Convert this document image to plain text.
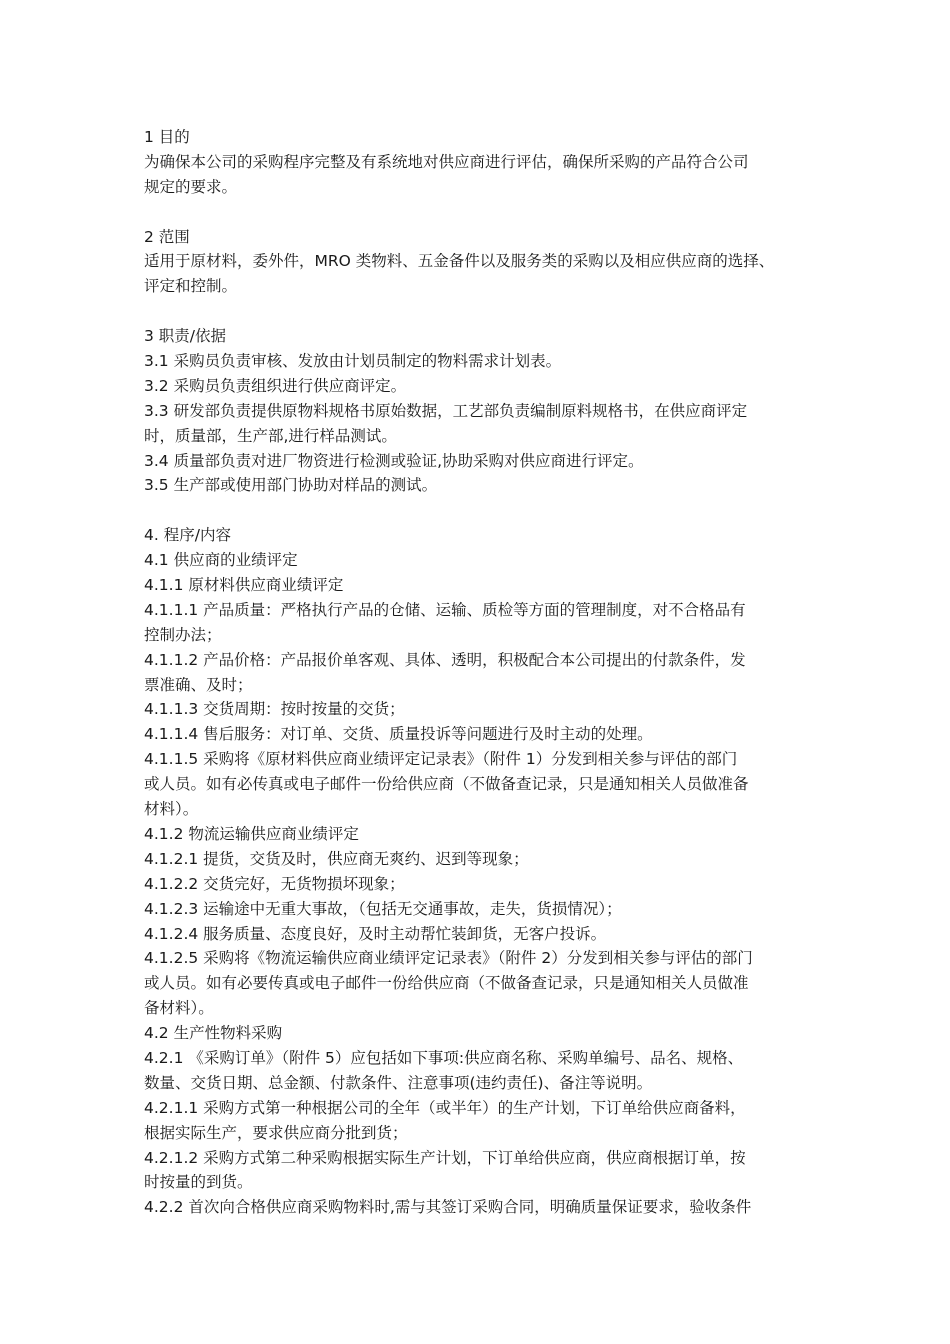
1 目的
为确保本公司的采购程序完整及有系统地对供应商进行评估，确保所采购的产品符合公司
规定的要求。
2 范围
适用于原材料，委外件，MRO 类物料、五金备件以及服务类的采购以及相应供应商的选择、
评定和控制。
3 职责/依据
3.1 采购员负责审核、发放由计划员制定的物料需求计划表。
3.2 采购员负责组织进行供应商评定。
3.3 研发部负责提供原物料规格书原始数据，工艺部负责编制原料规格书，在供应商评定
时，质量部，生产部,进行样品测试。
3.4 质量部负责对进厂物资进行检测或验证,协助采购对供应商进行评定。
3.5 生产部或使用部门协助对样品的测试。
4. 程序/内容
4.1 供应商的业绩评定
4.1.1 原材料供应商业绩评定
4.1.1.1 产品质量：严格执行产品的仓储、运输、质检等方面的管理制度，对不合格品有
控制办法；
4.1.1.2 产品价格：产品报价单客观、具体、透明，积极配合本公司提出的付款条件，发
票准确、及时；
4.1.1.3 交货周期：按时按量的交货；
4.1.1.4 售后服务：对订单、交货、质量投诉等问题进行及时主动的处理。
4.1.1.5 采购将《原材料供应商业绩评定记录表》（附件 1）分发到相关参与评估的部门
或人员。如有必传真或电子邮件一份给供应商（不做备查记录，只是通知相关人员做准备
材料）。
4.1.2 物流运输供应商业绩评定
4.1.2.1 提货，交货及时，供应商无爽约、迟到等现象；
4.1.2.2 交货完好，无货物损坏现象；
4.1.2.3 运输途中无重大事故，（包括无交通事故，走失，货损情况）；
4.1.2.4 服务质量、态度良好，及时主动帮忙装卸货，无客户投诉。
4.1.2.5 采购将《物流运输供应商业绩评定记录表》（附件 2）分发到相关参与评估的部门
或人员。如有必要传真或电子邮件一份给供应商（不做备查记录，只是通知相关人员做准
备材料）。
4.2 生产性物料采购
4.2.1 《采购订单》（附件 5）应包括如下事项:供应商名称、采购单编号、品名、规格、
数量、交货日期、总金额、付款条件、注意事项(违约责任)、备注等说明。
4.2.1.1 采购方式第一种根据公司的全年（或半年）的生产计划，下订单给供应商备料，
根据实际生产，要求供应商分批到货；
4.2.1.2 采购方式第二种采购根据实际生产计划，下订单给供应商，供应商根据订单，按
时按量的到货。
4.2.2 首次向合格供应商采购物料时,需与其签订采购合同，明确质量保证要求，验收条件
